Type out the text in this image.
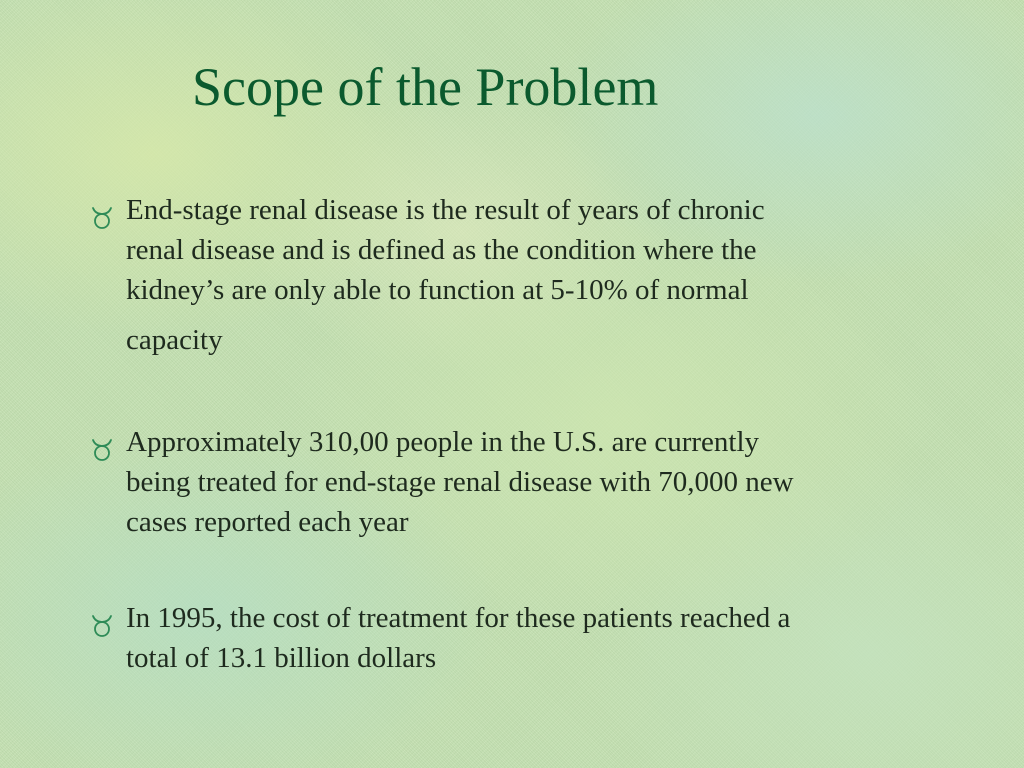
Scope of the Problem
End-stage renal disease is the result of years of chronic
renal disease and is defined as the condition where the
kidney’s are only able to function at 5-10% of normal

capacity
Approximately 310,00 people in the U.S. are currently
being treated for end-stage renal disease with 70,000 new
cases reported each year
In 1995, the cost of treatment for these patients reached a
total of 13.1 billion dollars
